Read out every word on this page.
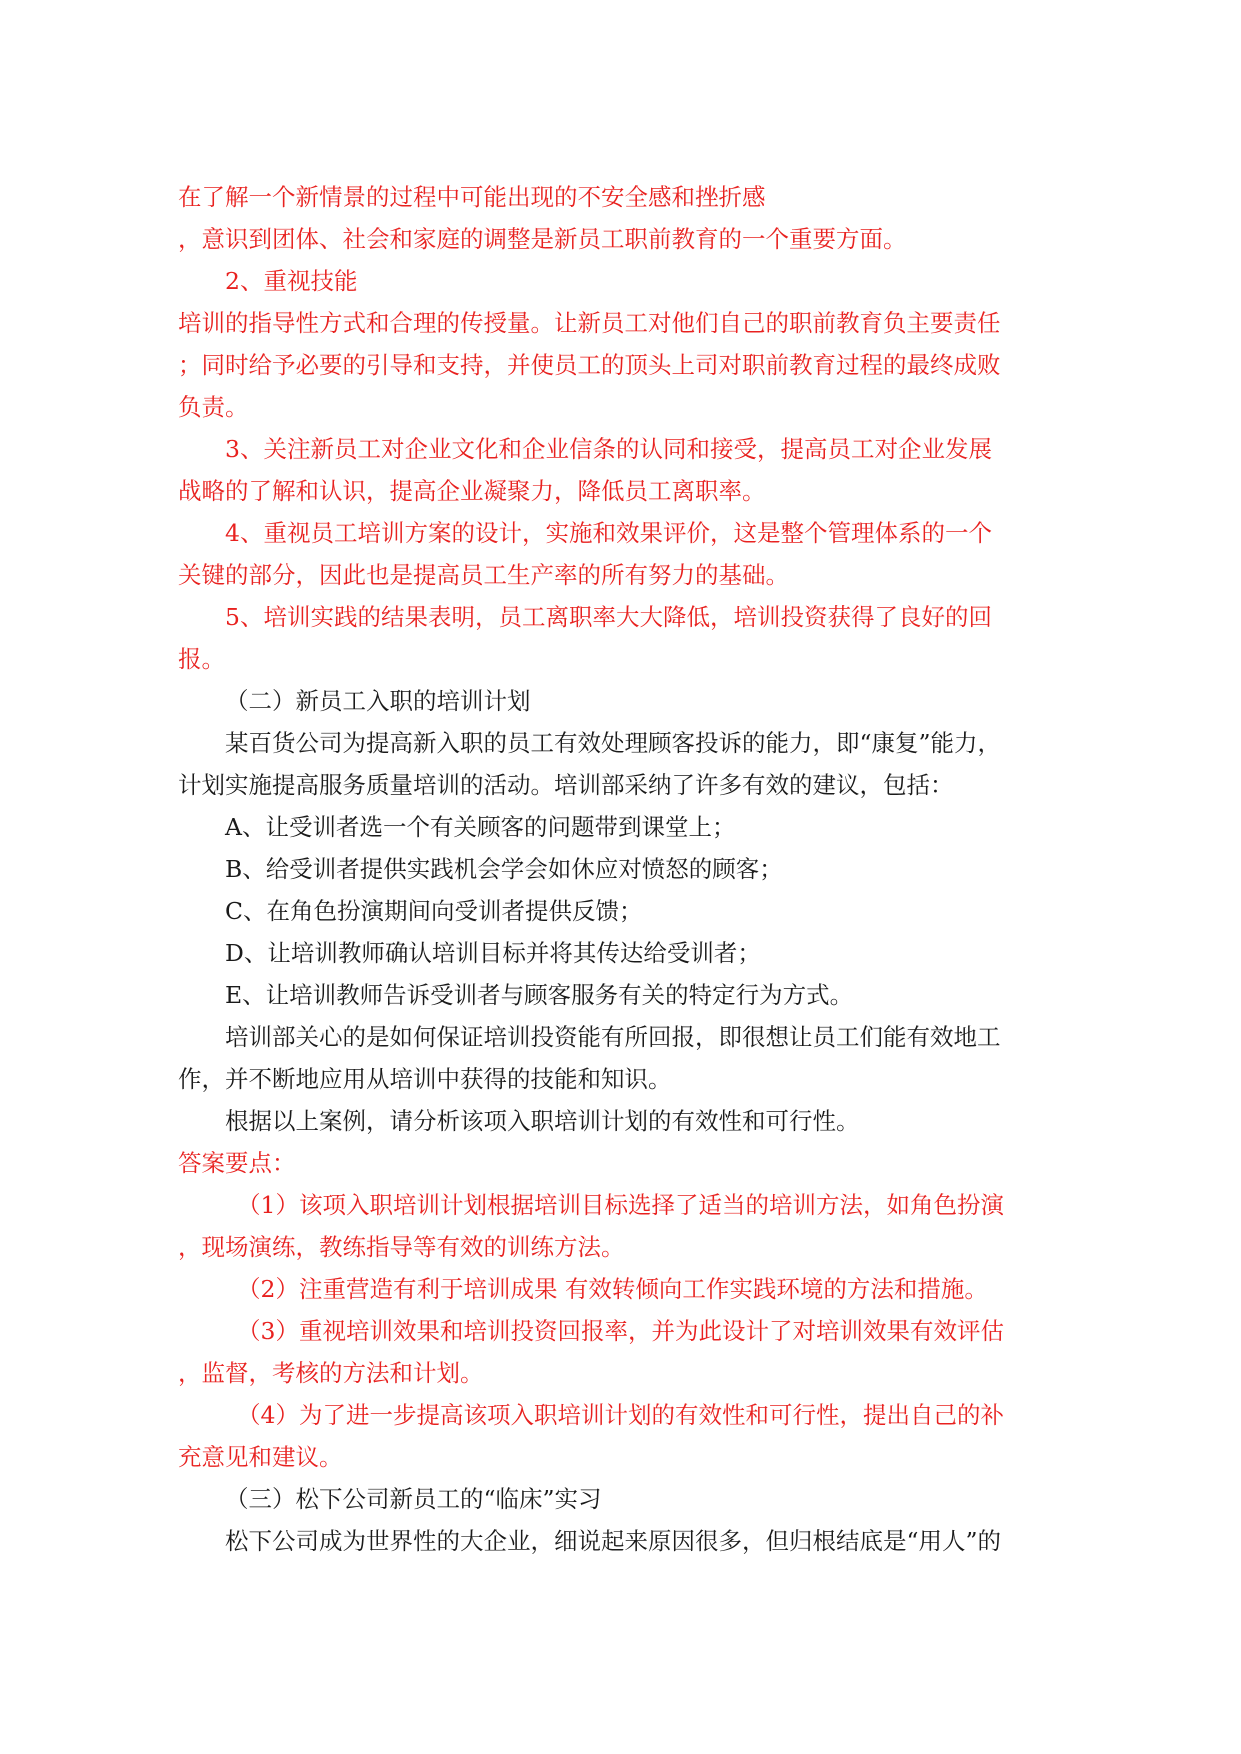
在了解一个新情景的过程中可能出现的不安全感和挫折感
，意识到团体、社会和家庭的调整是新员工职前教育的一个重要方面。
2、重视技能
培训的指导性方式和合理的传授量。让新员工对他们自己的职前教育负主要责任
；同时给予必要的引导和支持，并使员工的顶头上司对职前教育过程的最终成败
负责。
3、关注新员工对企业文化和企业信条的认同和接受，提高员工对企业发展
战略的了解和认识，提高企业凝聚力，降低员工离职率。
4、重视员工培训方案的设计，实施和效果评价，这是整个管理体系的一个
关键的部分，因此也是提高员工生产率的所有努力的基础。
5、培训实践的结果表明，员工离职率大大降低，培训投资获得了良好的回
报。
（二）新员工入职的培训计划
某百货公司为提高新入职的员工有效处理顾客投诉的能力，即“康复”能力，
计划实施提高服务质量培训的活动。培训部采纳了许多有效的建议，包括：
A、让受训者选一个有关顾客的问题带到课堂上；
B、给受训者提供实践机会学会如休应对愤怒的顾客；
C、在角色扮演期间向受训者提供反馈；
D、让培训教师确认培训目标并将其传达给受训者；
E、让培训教师告诉受训者与顾客服务有关的特定行为方式。
培训部关心的是如何保证培训投资能有所回报，即很想让员工们能有效地工
作，并不断地应用从培训中获得的技能和知识。
根据以上案例，请分析该项入职培训计划的有效性和可行性。
答案要点：
（1）该项入职培训计划根据培训目标选择了适当的培训方法，如角色扮演
，现场演练，教练指导等有效的训练方法。
（2）注重营造有利于培训成果 有效转倾向工作实践环境的方法和措施。
（3）重视培训效果和培训投资回报率，并为此设计了对培训效果有效评估
，监督，考核的方法和计划。
（4）为了进一步提高该项入职培训计划的有效性和可行性，提出自己的补
充意见和建议。
（三）松下公司新员工的“临床”实习
松下公司成为世界性的大企业，细说起来原因很多，但归根结底是“用人”的
